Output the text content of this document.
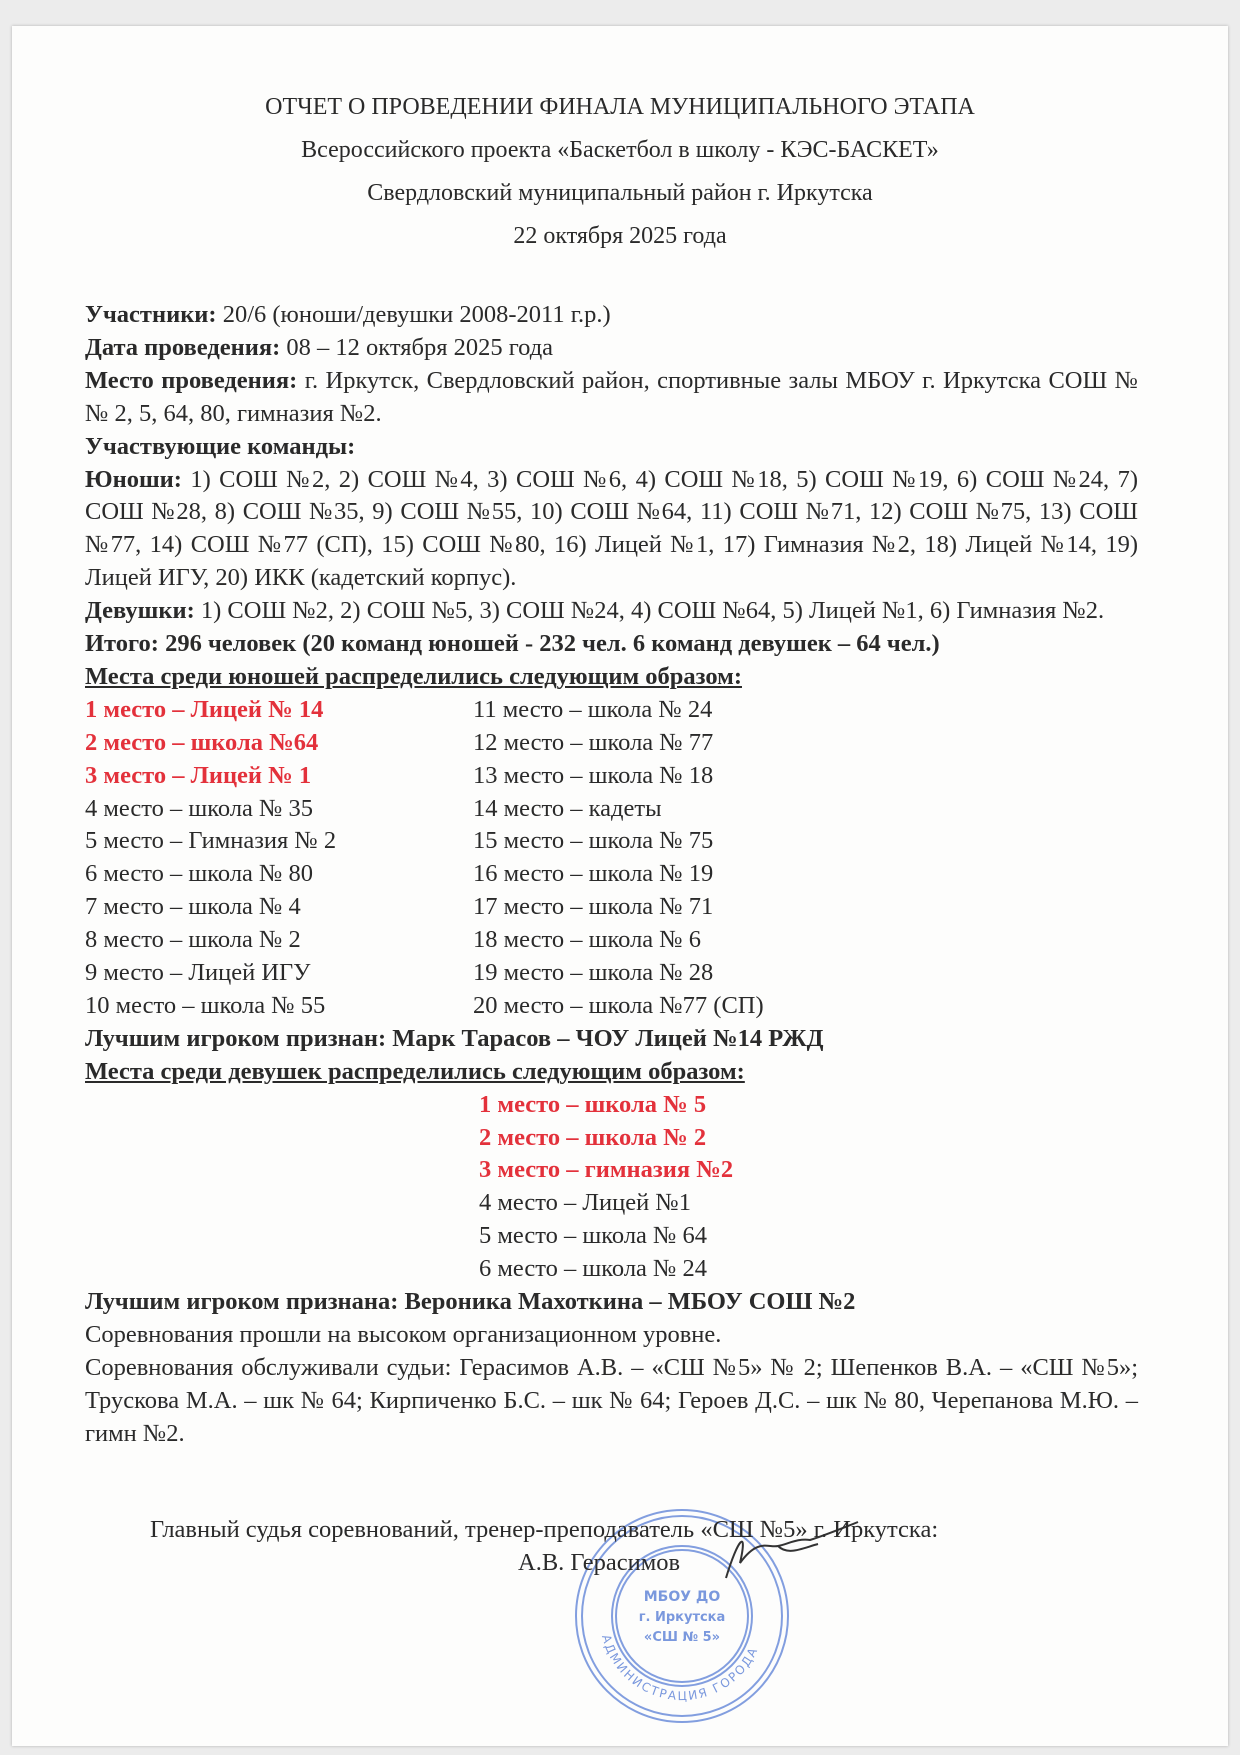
ОТЧЕТ О ПРОВЕДЕНИИ ФИНАЛА МУНИЦИПАЛЬНОГО ЭТАПА
Всероссийского проекта «Баскетбол в школу - КЭС-БАСКЕТ»
Свердловский муниципальный район г. Иркутска
22 октября 2025 года

Участники: 20/6 (юноши/девушки 2008-2011 г.р.)

Дата проведения: 08 – 12 октября 2025 года

Место проведения: г. Иркутск, Свердловский район, спортивные залы МБОУ г. Иркутска СОШ №№ 2, 5, 64, 80, гимназия №2.

Участвующие команды:

Юноши: 1) СОШ №2, 2) СОШ №4, 3) СОШ №6, 4) СОШ №18, 5) СОШ №19, 6) СОШ №24, 7) СОШ №28, 8) СОШ №35, 9) СОШ №55, 10) СОШ №64, 11) СОШ №71, 12) СОШ №75, 13) СОШ №77, 14) СОШ №77 (СП), 15) СОШ №80, 16) Лицей №1, 17) Гимназия №2, 18) Лицей №14, 19) Лицей ИГУ, 20) ИКК (кадетский корпус).

Девушки: 1) СОШ №2, 2) СОШ №5, 3) СОШ №24, 4) СОШ №64, 5) Лицей №1, 6) Гимназия №2.

Итого: 296 человек (20 команд юношей - 232 чел. 6 команд девушек – 64 чел.)

Места среди юношей распределились следующим образом:

1 место – Лицей № 14	11 место – школа № 24
2 место – школа №64	12 место – школа № 77
3 место – Лицей № 1	13 место – школа № 18
4 место – школа № 35	14 место – кадеты
5 место – Гимназия № 2	15 место – школа № 75
6 место – школа № 80	16 место – школа № 19
7 место – школа № 4	17 место – школа № 71
8 место – школа № 2	18 место – школа № 6
9 место – Лицей ИГУ	19 место – школа № 28
10 место – школа № 55	20 место – школа №77 (СП)

Лучшим игроком признан: Марк Тарасов – ЧОУ Лицей №14 РЖД

Места среди девушек распределились следующим образом:

1 место – школа № 5
2 место – школа № 2
3 место – гимназия №2
4 место – Лицей №1
5 место – школа № 64
6 место – школа № 24

Лучшим игроком признана: Вероника Махоткина – МБОУ СОШ №2

Соревнования прошли на высоком организационном уровне.

Соревнования обслуживали судьи: Герасимов А.В. – «СШ №5» № 2; Шепенков В.А. – «СШ №5»; Трускова М.А. – шк № 64; Кирпиченко Б.С. – шк № 64; Героев Д.С. – шк № 80, Черепанова М.Ю. – гимн №2.

МБОУ ДО
г. Иркутска
«СШ № 5»
АДМИНИСТРАЦИЯ ГОРОДА
Главный судья соревнований, тренер-преподаватель «СШ №5» г. Иркутска:
А.В. Герасимов
